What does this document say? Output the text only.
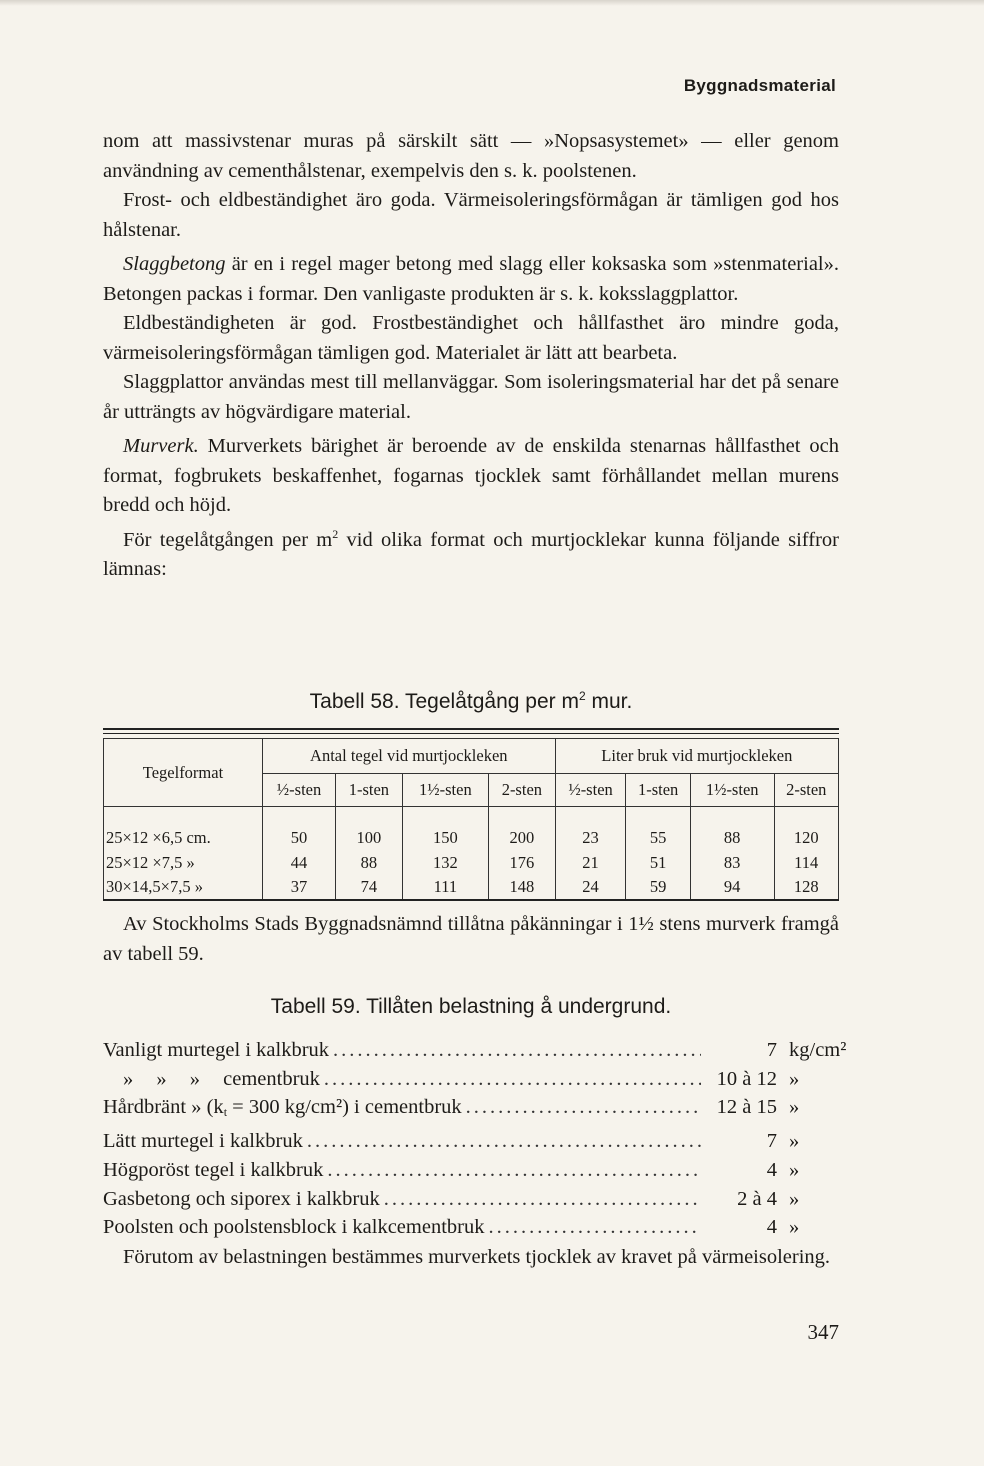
Byggnadsmaterial

nom att massivstenar muras på särskilt sätt — »Nopsasystemet» — eller genom användning av cementhålstenar, exempelvis den s. k. poolstenen.

Frost- och eldbeständighet äro goda. Värmeisoleringsförmågan är tämligen god hos hålstenar.

Slaggbetong är en i regel mager betong med slagg eller koksaska som »stenmaterial». Betongen packas i formar. Den vanligaste produkten är s. k. koksslaggplattor.

Eldbeständigheten är god. Frostbeständighet och hållfasthet äro mindre goda, värmeisoleringsförmågan tämligen god. Materialet är lätt att bearbeta.

Slaggplattor användas mest till mellanväggar. Som isoleringsmaterial har det på senare år utträngts av högvärdigare material.

Murverk. Murverkets bärighet är beroende av de enskilda stenarnas hållfasthet och format, fogbrukets beskaffenhet, fogarnas tjocklek samt förhållandet mellan murens bredd och höjd.

För tegelåtgången per $m^2$ vid olika format och murtjocklekar kunna följande siffror lämnas:

Tabell 58. Tegelåtgång per $m^2$ mur.

Tegelformat	Antal tegel vid murtjockleken				Liter bruk vid murtjockleken			
	½-sten	1-sten	1½-sten	2-sten	½-sten	1-sten	1½-sten	2-sten
25×12 ×6,5 cm.	50	100	150	200	23	55	88	120
25×12 ×7,5 »	44	88	132	176	21	51	83	114
30×14,5×7,5 »	37	74	111	148	24	59	94	128

Av Stockholms Stads Byggnadsnämnd tillåtna påkänningar i 1½ stens murverk framgå av tabell 59.

Tabell 59. Tillåten belastning å undergrund.

Vanligt murtegel i kalkbruk .....	7 kg/cm²
» » » cementbruk .....	10 à 12 »
Hårdbränt » (kt = 300 kg/cm²) i cementbruk .....	12 à 15 »
Lätt murtegel i kalkbruk .....	7 »
Högporöst tegel i kalkbruk .....	4 »
Gasbetong och siporex i kalkbruk .....	2 à 4 »
Poolsten och poolstensblock i kalkcementbruk .....	4 »

Förutom av belastningen bestämmes murverkets tjocklek av kravet på värmeisolering.

347
